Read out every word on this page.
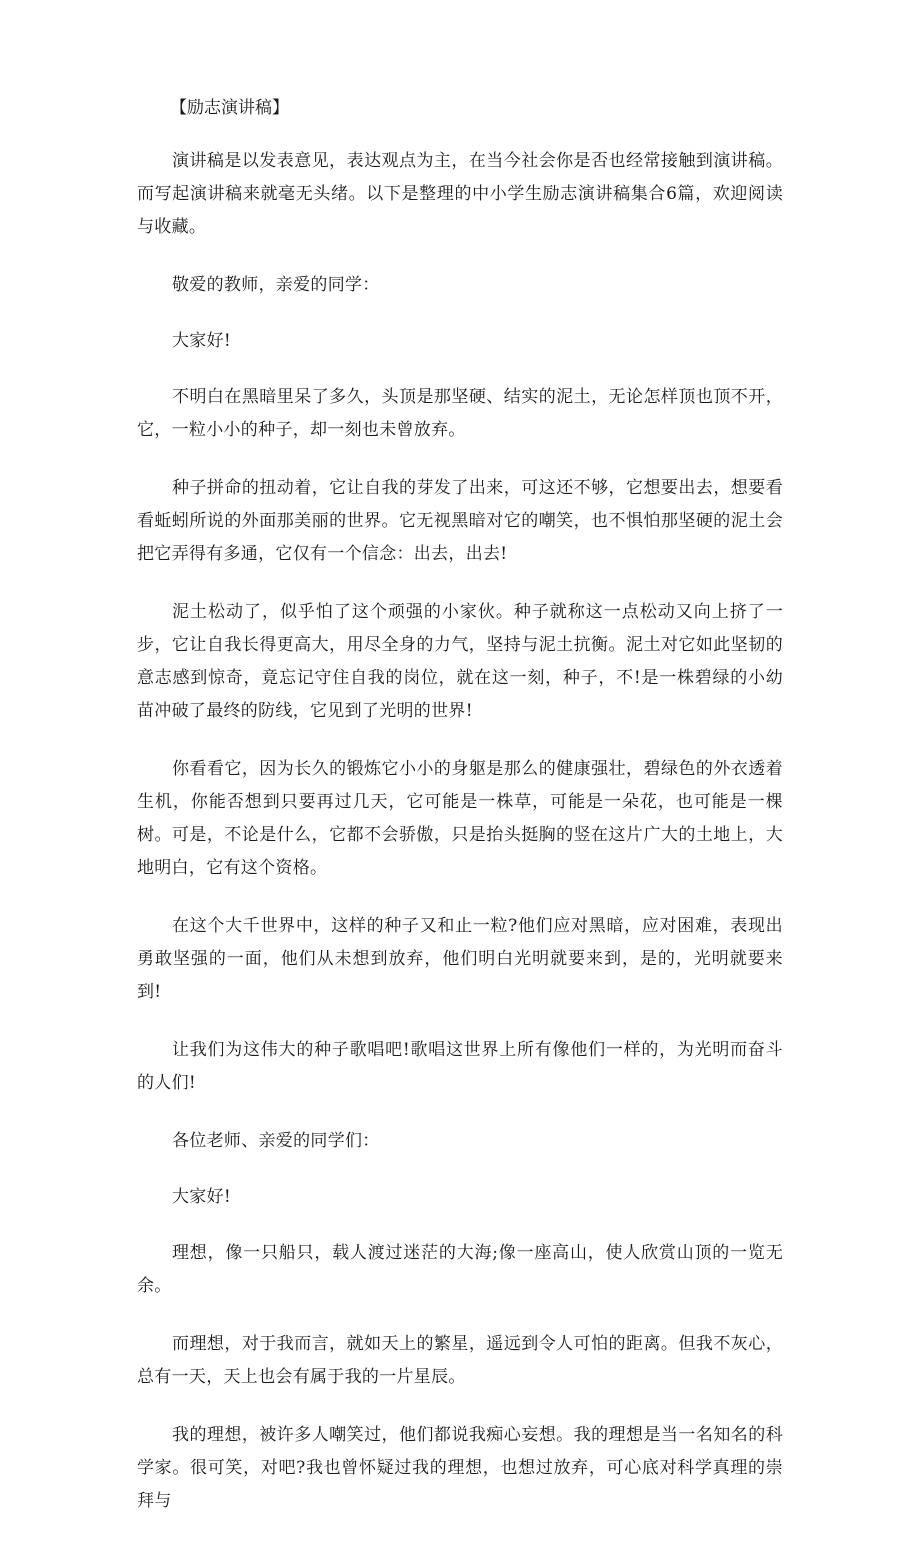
【励志演讲稿】

演讲稿是以发表意见，表达观点为主，在当今社会你是否也经常接触到演讲稿。而写起演讲稿来就毫无头绪。以下是整理的中小学生励志演讲稿集合6篇，欢迎阅读与收藏。

敬爱的教师，亲爱的同学：

大家好!

不明白在黑暗里呆了多久，头顶是那坚硬、结实的泥土，无论怎样顶也顶不开，它，一粒小小的种子，却一刻也未曾放弃。

种子拼命的扭动着，它让自我的芽发了出来，可这还不够，它想要出去，想要看看蚯蚓所说的外面那美丽的世界。它无视黑暗对它的嘲笑，也不惧怕那坚硬的泥土会把它弄得有多通，它仅有一个信念：出去，出去!

泥土松动了，似乎怕了这个顽强的小家伙。种子就称这一点松动又向上挤了一步，它让自我长得更高大，用尽全身的力气，坚持与泥土抗衡。泥土对它如此坚韧的意志感到惊奇，竟忘记守住自我的岗位，就在这一刻，种子，不!是一株碧绿的小幼苗冲破了最终的防线，它见到了光明的世界!

你看看它，因为长久的锻炼它小小的身躯是那么的健康强壮，碧绿色的外衣透着生机，你能否想到只要再过几天，它可能是一株草，可能是一朵花，也可能是一棵树。可是，不论是什么，它都不会骄傲，只是抬头挺胸的竖在这片广大的土地上，大地明白，它有这个资格。

在这个大千世界中，这样的种子又和止一粒?他们应对黑暗，应对困难，表现出勇敢坚强的一面，他们从未想到放弃，他们明白光明就要来到，是的，光明就要来到!

让我们为这伟大的种子歌唱吧!歌唱这世界上所有像他们一样的，为光明而奋斗的人们!

各位老师、亲爱的同学们：

大家好!

理想，像一只船只，载人渡过迷茫的大海;像一座高山，使人欣赏山顶的一览无余。

而理想，对于我而言，就如天上的繁星，遥远到令人可怕的距离。但我不灰心，总有一天，天上也会有属于我的一片星辰。

我的理想，被许多人嘲笑过，他们都说我痴心妄想。我的理想是当一名知名的科学家。很可笑，对吧?我也曾怀疑过我的理想，也想过放弃，可心底对科学真理的崇拜与
